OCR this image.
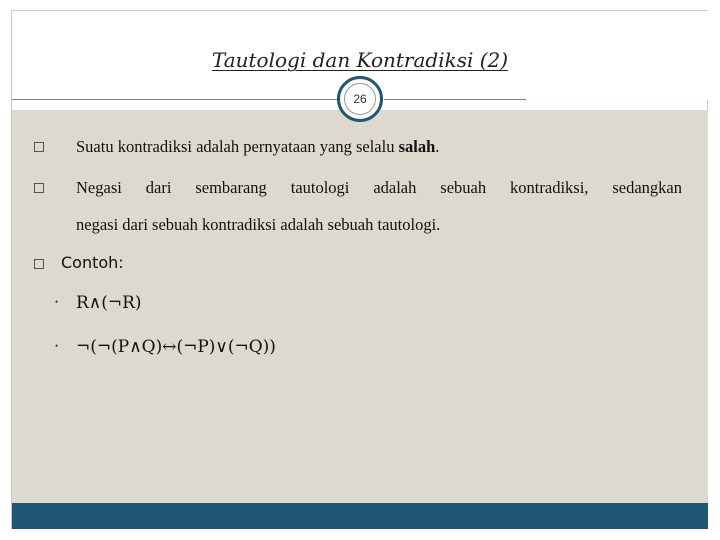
Tautologi dan Kontradiksi (2)
26
Suatu kontradiksi adalah pernyataan yang selalu salah.
Negasi dari sembarang tautologi adalah sebuah kontradiksi, sedangkan
negasi dari sebuah kontradiksi adalah sebuah tautologi.
Contoh:
• R∧(¬R)
• ¬(¬(P∧Q)↔(¬P)∨(¬Q))
